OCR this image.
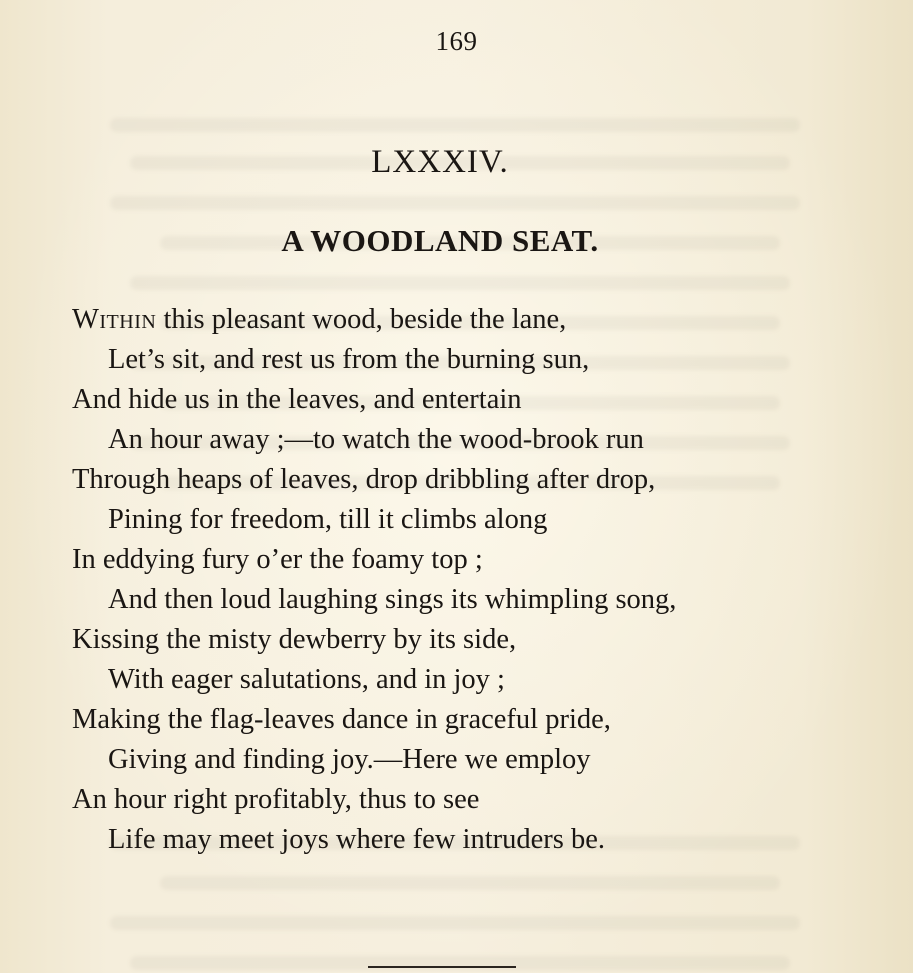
169
LXXXIV.
A WOODLAND SEAT.
Within this pleasant wood, beside the lane,
Let’s sit, and rest us from the burning sun,
And hide us in the leaves, and entertain
An hour away ;—to watch the wood-brook run
Through heaps of leaves, drop dribbling after drop,
Pining for freedom, till it climbs along
In eddying fury o’er the foamy top ;
And then loud laughing sings its whimpling song,
Kissing the misty dewberry by its side,
With eager salutations, and in joy ;
Making the flag-leaves dance in graceful pride,
Giving and finding joy.—Here we employ
An hour right profitably, thus to see
Life may meet joys where few intruders be.
